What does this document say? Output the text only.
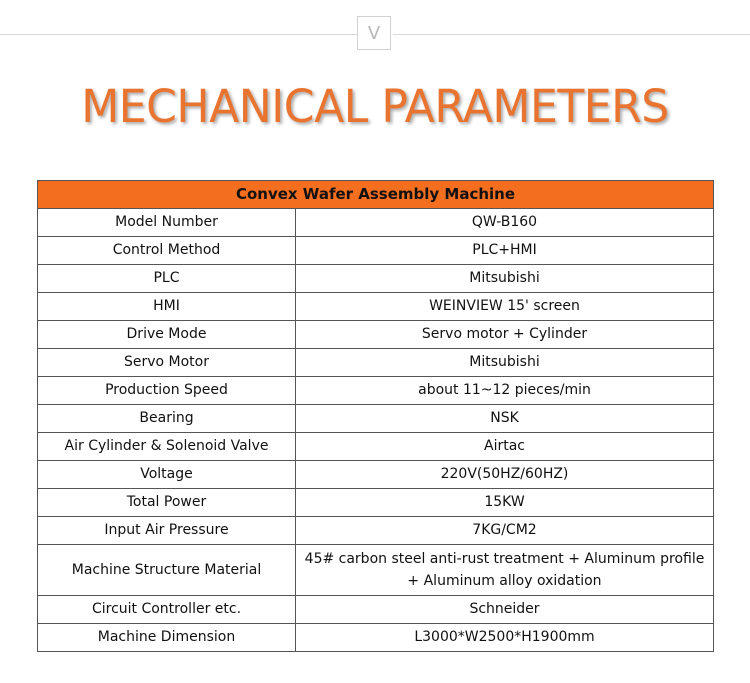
V
MECHANICAL PARAMETERS
Convex Wafer Assembly Machine	
Model Number	QW-B160
Control Method	PLC+HMI
PLC	Mitsubishi
HMI	WEINVIEW 15' screen
Drive Mode	Servo motor + Cylinder
Servo Motor	Mitsubishi
Production Speed	about 11~12 pieces/min
Bearing	NSK
Air Cylinder & Solenoid Valve	Airtac
Voltage	220V(50HZ/60HZ)
Total Power	15KW
Input Air Pressure	7KG/CM2
Machine Structure Material	45# carbon steel anti-rust treatment + Aluminum profile + Aluminum alloy oxidation
Circuit Controller etc.	Schneider
Machine Dimension	L3000*W2500*H1900mm
